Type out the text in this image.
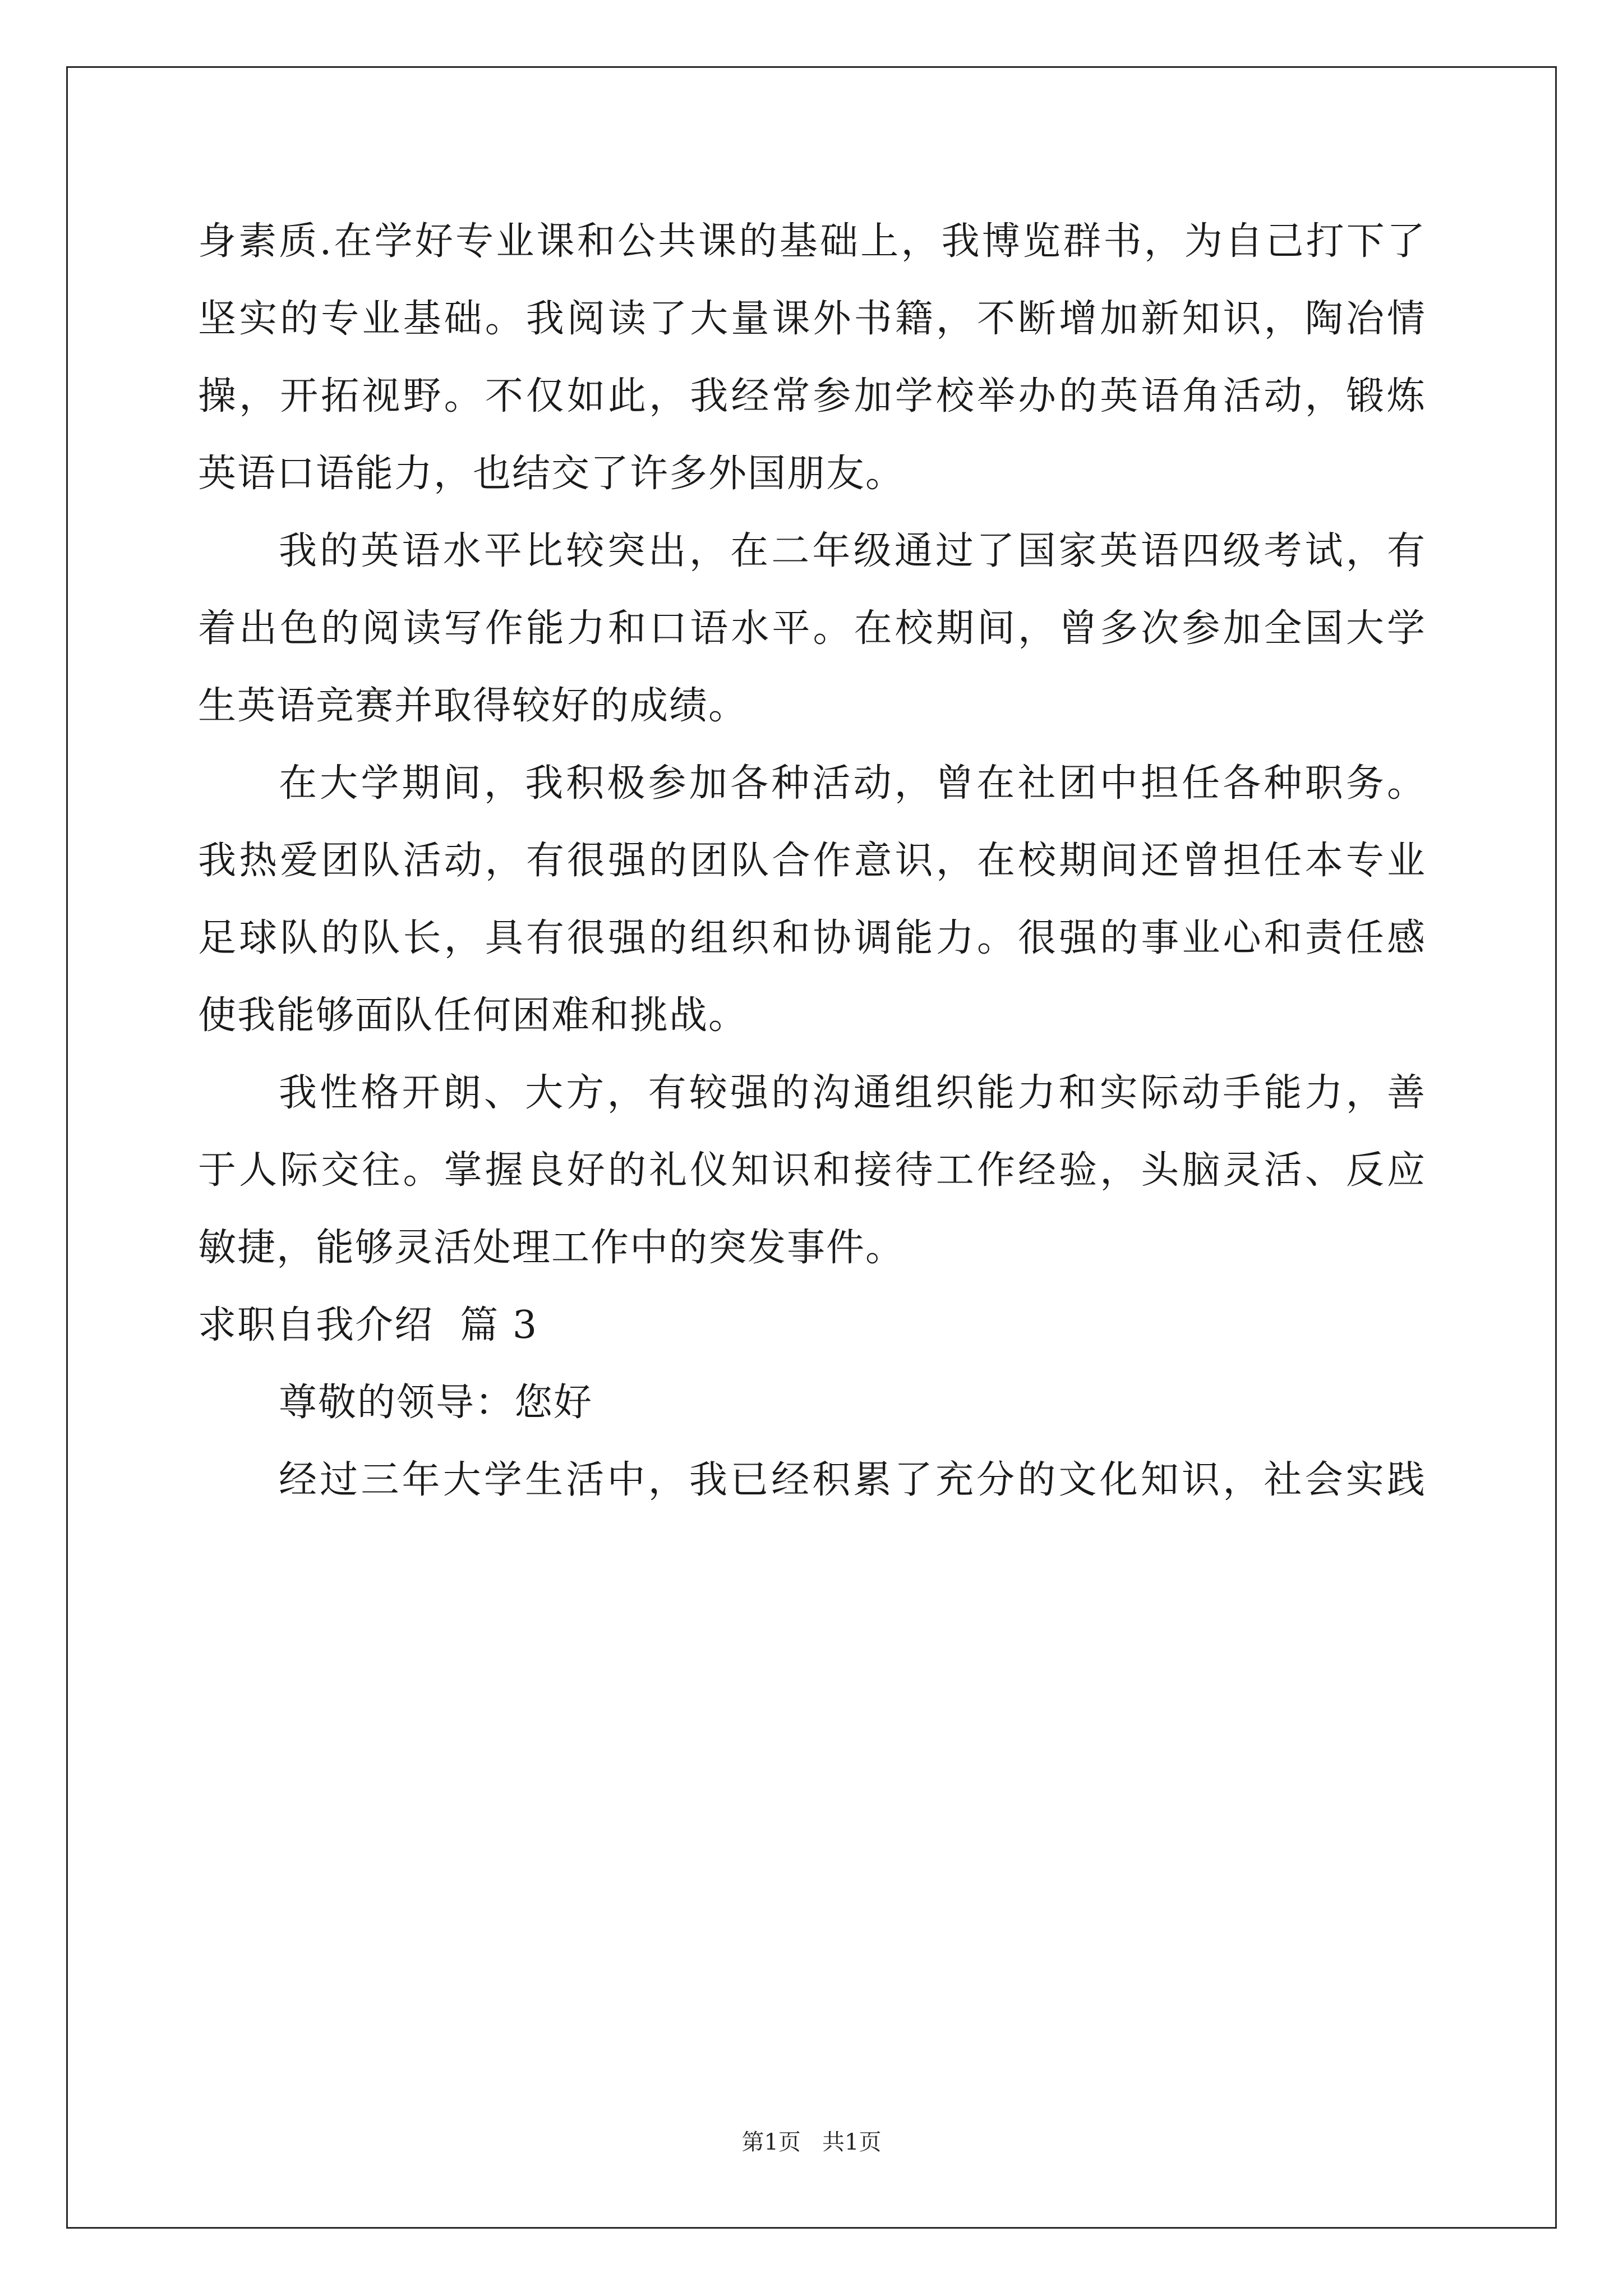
身素质.在学好专业课和公共课的基础上，我博览群书，为自己打下了
坚实的专业基础。我阅读了大量课外书籍，不断增加新知识，陶冶情
操，开拓视野。不仅如此，我经常参加学校举办的英语角活动，锻炼
英语口语能力，也结交了许多外国朋友。

我的英语水平比较突出，在二年级通过了国家英语四级考试，有
着出色的阅读写作能力和口语水平。在校期间，曾多次参加全国大学
生英语竞赛并取得较好的成绩。

在大学期间，我积极参加各种活动，曾在社团中担任各种职务。
我热爱团队活动，有很强的团队合作意识，在校期间还曾担任本专业
足球队的队长，具有很强的组织和协调能力。很强的事业心和责任感
使我能够面队任何困难和挑战。

我性格开朗、大方，有较强的沟通组织能力和实际动手能力，善
于人际交往。掌握良好的礼仪知识和接待工作经验，头脑灵活、反应
敏捷，能够灵活处理工作中的突发事件。

求职自我介绍  篇 3

尊敬的领导：您好

经过三年大学生活中，我已经积累了充分的文化知识，社会实践

第1页   共1页
